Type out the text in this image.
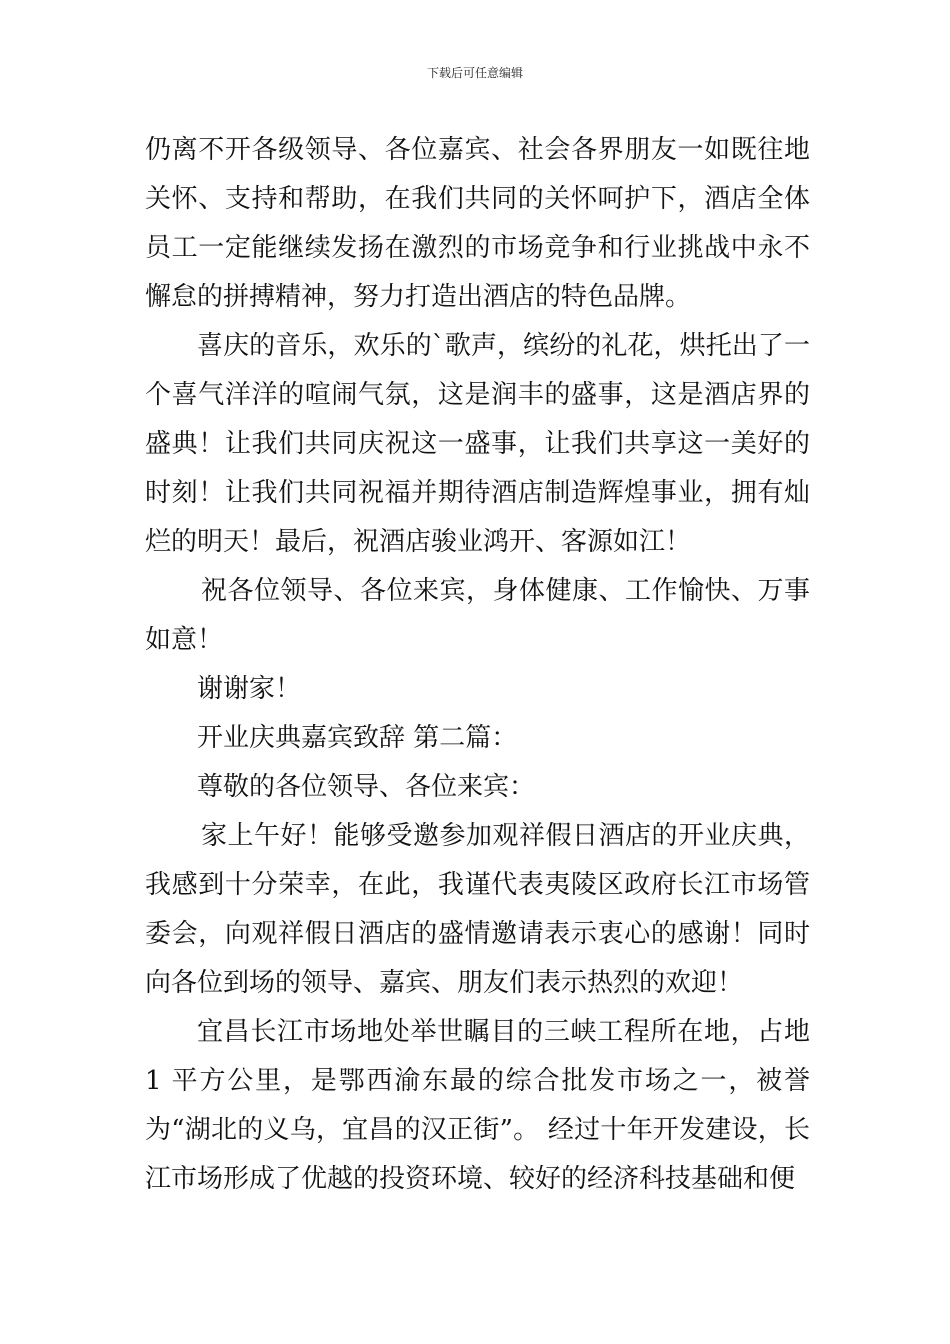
下载后可任意编辑

仍离不开各级领导、各位嘉宾、社会各界朋友一如既往地关怀、支持和帮助，在我们共同的关怀呵护下，酒店全体员工一定能继续发扬在激烈的市场竞争和行业挑战中永不懈怠的拼搏精神，努力打造出酒店的特色品牌。

喜庆的音乐，欢乐的`歌声，缤纷的礼花，烘托出了一个喜气洋洋的喧闹气氛，这是润丰的盛事，这是酒店界的盛典！让我们共同庆祝这一盛事，让我们共享这一美好的时刻！让我们共同祝福并期待酒店制造辉煌事业，拥有灿烂的明天！最后，祝酒店骏业鸿开、客源如江！

祝各位领导、各位来宾，身体健康、工作愉快、万事如意！

谢谢家！

开业庆典嘉宾致辞 第二篇：

尊敬的各位领导、各位来宾：

家上午好！能够受邀参加观祥假日酒店的开业庆典，我感到十分荣幸，在此，我谨代表夷陵区政府长江市场管委会，向观祥假日酒店的盛情邀请表示衷心的感谢！同时向各位到场的领导、嘉宾、朋友们表示热烈的欢迎！

宜昌长江市场地处举世瞩目的三峡工程所在地，占地 1 平方公里，是鄂西渝东最的综合批发市场之一，被誉为“湖北的义乌，宜昌的汉正街”。 经过十年开发建设，长江市场形成了优越的投资环境、较好的经济科技基础和便
